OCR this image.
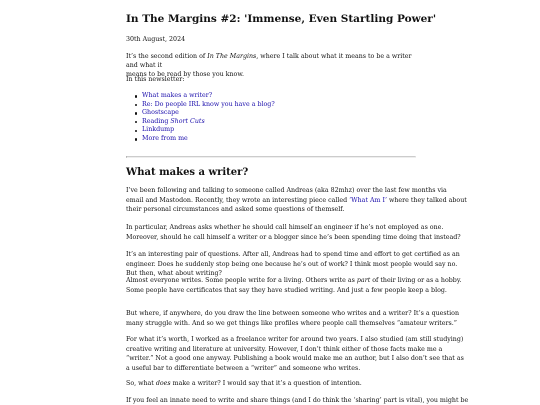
In The Margins #2: 'Immense, Even Startling Power'

30th August, 2024

It’s the second edition of In The Margins, where I talk about what it means to be a writer and what it
means to be read by those you know.

In this newsletter:

What makes a writer?
Re: Do people IRL know you have a blog?
Ghostscape
Reading Short Cuts
Linkdump
More from me
What makes a writer?

I’ve been following and talking to someone called Andreas (aka 82mhz) over the last few months via
email and Mastodon. Recently, they wrote an interesting piece called ‘What Am I’ where they talked about
their personal circumstances and asked some questions of themself.

In particular, Andreas asks whether he should call himself an engineer if he’s not employed as one.
Moreover, should he call himself a writer or a blogger since he’s been spending time doing that instead?

It’s an interesting pair of questions. After all, Andreas had to spend time and effort to get certified as an
engineer. Does he suddenly stop being one because he’s out of work? I think most people would say no.
But then, what about writing?

Almost everyone writes. Some people write for a living. Others write as part of their living or as a hobby.
Some people have certificates that say they have studied writing. And just a few people keep a blog.

But where, if anywhere, do you draw the line between someone who writes and a writer? It’s a question
many struggle with. And so we get things like profiles where people call themselves “amateur writers.”

For what it’s worth, I worked as a freelance writer for around two years. I also studied (am still studying)
creative writing and literature at university. However, I don’t think either of those facts make me a
“writer.” Not a good one anyway. Publishing a book would make me an author, but I also don’t see that as
a useful bar to differentiate between a “writer” and someone who writes.

So, what does make a writer? I would say that it’s a question of intention.

If you feel an innate need to write and share things (and I do think the ‘sharing’ part is vital), you might be
